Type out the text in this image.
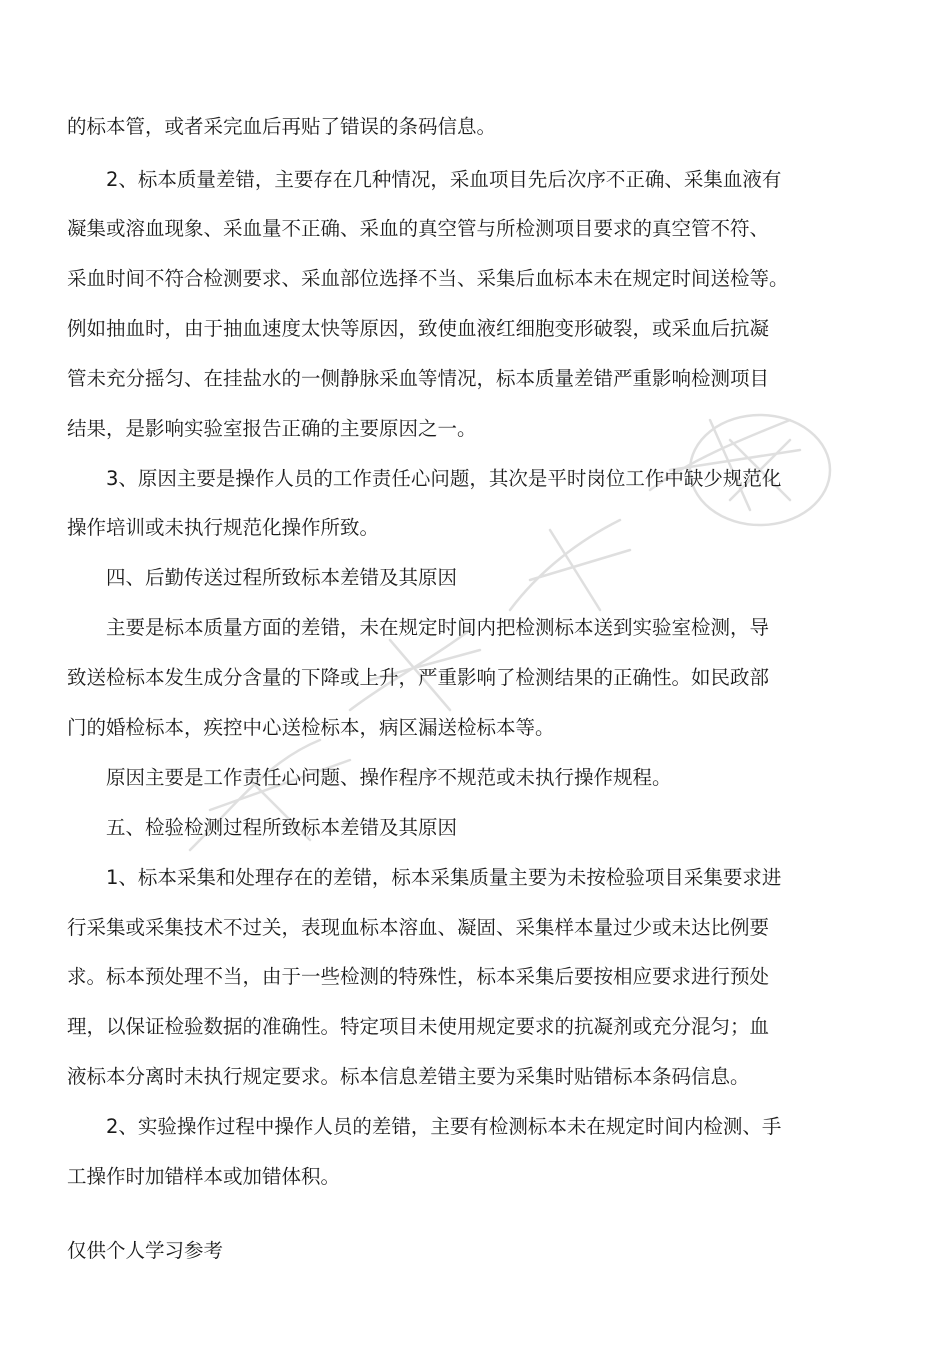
的标本管，或者采完血后再贴了错误的条码信息。
　　2、标本质量差错，主要存在几种情况，采血项目先后次序不正确、采集血液有
凝集或溶血现象、采血量不正确、采血的真空管与所检测项目要求的真空管不符、
采血时间不符合检测要求、采血部位选择不当、采集后血标本未在规定时间送检等。
例如抽血时，由于抽血速度太快等原因，致使血液红细胞变形破裂，或采血后抗凝
管未充分摇匀、在挂盐水的一侧静脉采血等情况，标本质量差错严重影响检测项目
结果，是影响实验室报告正确的主要原因之一。
　　3、原因主要是操作人员的工作责任心问题，其次是平时岗位工作中缺少规范化
操作培训或未执行规范化操作所致。
　　四、后勤传送过程所致标本差错及其原因
　　主要是标本质量方面的差错，未在规定时间内把检测标本送到实验室检测，导
致送检标本发生成分含量的下降或上升，严重影响了检测结果的正确性。如民政部
门的婚检标本，疾控中心送检标本，病区漏送检标本等。
　　原因主要是工作责任心问题、操作程序不规范或未执行操作规程。
　　五、检验检测过程所致标本差错及其原因
　　1、标本采集和处理存在的差错，标本采集质量主要为未按检验项目采集要求进
行采集或采集技术不过关，表现血标本溶血、凝固、采集样本量过少或未达比例要
求。标本预处理不当，由于一些检测的特殊性，标本采集后要按相应要求进行预处
理，以保证检验数据的准确性。特定项目未使用规定要求的抗凝剂或充分混匀；血
液标本分离时未执行规定要求。标本信息差错主要为采集时贴错标本条码信息。
　　2、实验操作过程中操作人员的差错，主要有检测标本未在规定时间内检测、手
工操作时加错样本或加错体积。
仅供个人学习参考
